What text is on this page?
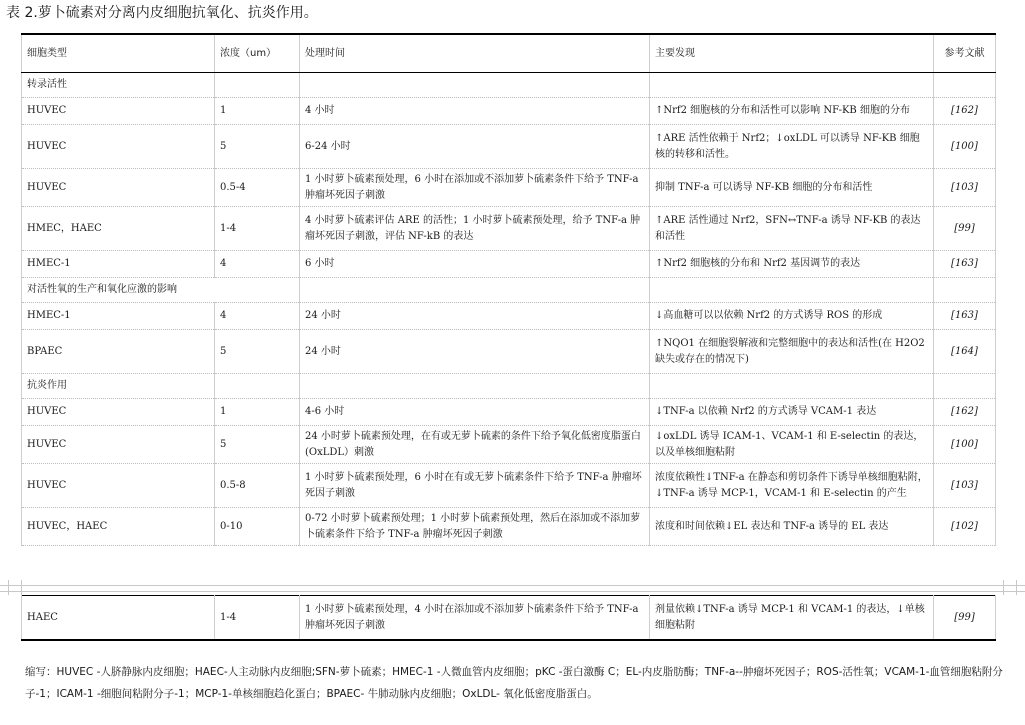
表 2.萝卜硫素对分离内皮细胞抗氧化、抗炎作用。
细胞类型	浓度（um）	处理时间	主要发现	参考文献
转录活性				
HUVEC	1	4 小时	↑Nrf2 细胞核的分布和活性可以影响 NF-KB 细胞的分布	[162]
HUVEC	5	6-24 小时	↑ARE 活性依赖于 Nrf2；↓oxLDL 可以诱导 NF-KB 细胞核的转移和活性。	[100]
HUVEC	0.5-4	1 小时萝卜硫素预处理，6 小时在添加或不添加萝卜硫素条件下给予 TNF-a 肿瘤坏死因子刺激	抑制 TNF-a 可以诱导 NF-KB 细胞的分布和活性	[103]
HMEC，HAEC	1-4	4 小时萝卜硫素评估 ARE 的活性；1 小时萝卜硫素预处理，给予 TNF-a 肿瘤坏死因子刺激，评估 NF-kB 的表达	↑ARE 活性通过 Nrf2，SFN↔TNF-a 诱导 NF-KB 的表达和活性	[99]
HMEC-1	4	6 小时	↑Nrf2 细胞核的分布和 Nrf2 基因调节的表达	[163]
对活性氧的生产和氧化应激的影响				
HMEC-1	4	24 小时	↓高血糖可以以依赖 Nrf2 的方式诱导 ROS 的形成	[163]
BPAEC	5	24 小时	↑NQO1 在细胞裂解液和完整细胞中的表达和活性(在 H2O2 缺失或存在的情况下)	[164]
抗炎作用				
HUVEC	1	4-6 小时	↓TNF-a 以依赖 Nrf2 的方式诱导 VCAM-1 表达	[162]
HUVEC	5	24 小时萝卜硫素预处理，在有或无萝卜硫素的条件下给予氧化低密度脂蛋白(OxLDL）刺激	↓oxLDL 诱导 ICAM-1、VCAM-1 和 E-selectin 的表达，以及单核细胞粘附	[100]
HUVEC	0.5-8	1 小时萝卜硫素预处理，6 小时在有或无萝卜硫素条件下给予 TNF-a 肿瘤坏死因子刺激	浓度依赖性↓TNF-a 在静态和剪切条件下诱导单核细胞粘附，↓TNF-a 诱导 MCP-1，VCAM-1 和 E-selectin 的产生	[103]
HUVEC，HAEC	0-10	0-72 小时萝卜硫素预处理；1 小时萝卜硫素预处理，然后在添加或不添加萝卜硫素条件下给予 TNF-a 肿瘤坏死因子刺激	浓度和时间依赖↓EL 表达和 TNF-a 诱导的 EL 表达	[102]
HAEC	1-4	1 小时萝卜硫素预处理，4 小时在添加或不添加萝卜硫素条件下给予 TNF-a 肿瘤坏死因子刺激	剂量依赖↓TNF-a 诱导 MCP-1 和 VCAM-1 的表达，↓单核细胞粘附	[99]
缩写：HUVEC -人脐静脉内皮细胞；HAEC-人主动脉内皮细胞;SFN-萝卜硫素；HMEC-1 -人微血管内皮细胞；pKC -蛋白激酶 C；EL-内皮脂肪酶；TNF-a--肿瘤坏死因子；ROS-活性氧；VCAM-1-血管细胞粘附分子-1；ICAM-1 -细胞间粘附分子-1；MCP-1-单核细胞趋化蛋白；BPAEC- 牛肺动脉内皮细胞；OxLDL- 氧化低密度脂蛋白。
